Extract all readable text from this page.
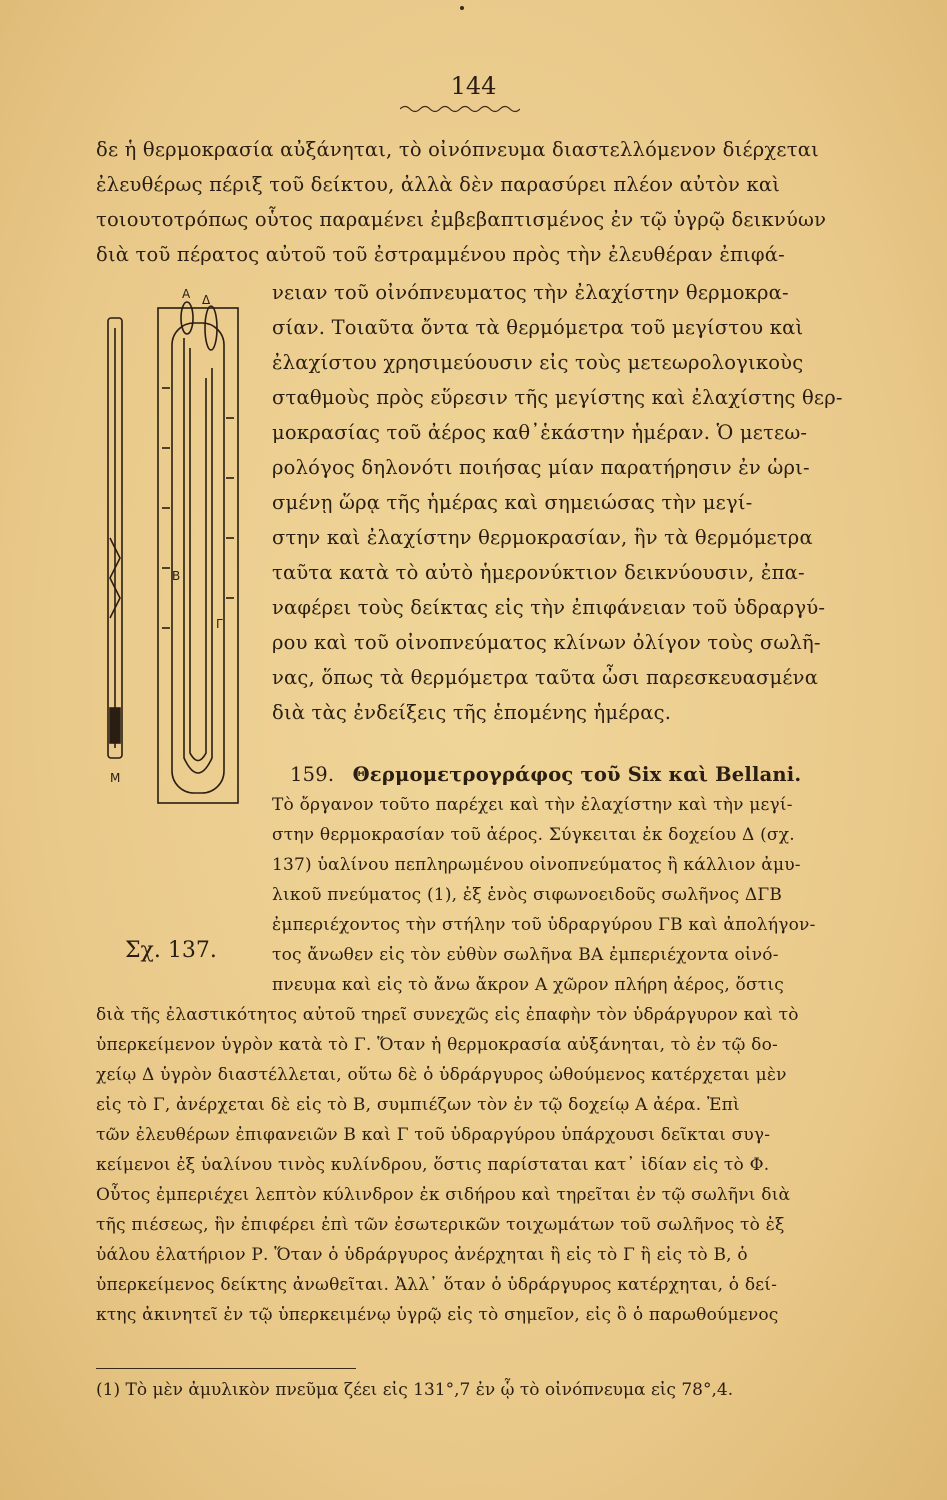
144
δε ἡ θερμοκρασία αὐξάνηται, τὸ οἰνόπνευμα διαστελλόμενον διέρχεται
ἐλευθέρως πέριξ τοῦ δείκτου, ἀλλὰ δὲν παρασύρει πλέον αὐτὸν καὶ
τοιουτοτρόπως οὗτος παραμένει ἐμβεβαπτισμένος ἐν τῷ ὑγρῷ δεικνύων
διὰ τοῦ πέρατος αὐτοῦ τοῦ ἐστραμμένου πρὸς τὴν ἐλευθέραν ἐπιφά-
νειαν τοῦ οἰνόπνευματος τὴν ἐλαχίστην θερμοκρα-
σίαν. Τοιαῦτα ὄντα τὰ θερμόμετρα τοῦ μεγίστου καὶ
ἐλαχίστου χρησιμεύουσιν εἰς τοὺς μετεωρολογικοὺς
σταθμοὺς πρὸς εὕρεσιν τῆς μεγίστης καὶ ἐλαχίστης θερ-
μοκρασίας τοῦ ἀέρος καθ᾿ἑκάστην ἡμέραν. Ὁ μετεω-
ρολόγος δηλονότι ποιήσας μίαν παρατήρησιν ἐν ὡρι-
σμένῃ ὥρᾳ τῆς ἡμέρας καὶ σημειώσας τὴν μεγί-
στην καὶ ἐλαχίστην θερμοκρασίαν, ἣν τὰ θερμόμετρα
ταῦτα κατὰ τὸ αὐτὸ ἡμερονύκτιον δεικνύουσιν, ἐπα-
ναφέρει τοὺς δείκτας εἰς τὴν ἐπιφάνειαν τοῦ ὑδραργύ-
ρου καὶ τοῦ οἰνοπνεύματος κλίνων ὀλίγον τοὺς σωλῆ-
νας, ὅπως τὰ θερμόμετρα ταῦτα ὦσι παρεσκευασμένα
διὰ τὰς ἐνδείξεις τῆς ἑπομένης ἡμέρας.
159. Θερμομετρογράφος τοῦ Six καὶ Bellani.
Τὸ ὄργανον τοῦτο παρέχει καὶ τὴν ἐλαχίστην καὶ τὴν μεγί-
στην θερμοκρασίαν τοῦ ἀέρος. Σύγκειται ἐκ δοχείου Δ (σχ.
137) ὑαλίνου πεπληρωμένου οἰνοπνεύματος ἢ κάλλιον ἀμυ-
λικοῦ πνεύματος (1), ἐξ ἑνὸς σιφωνοειδοῦς σωλῆνος ΔΓΒ
ἐμπεριέχοντος τὴν στήλην τοῦ ὑδραργύρου ΓΒ καὶ ἀπολήγον-
τος ἄνωθεν εἰς τὸν εὐθὺν σωλῆνα ΒΑ ἐμπεριέχοντα οἰνό-
πνευμα καὶ εἰς τὸ ἄνω ἄκρον Α χῶρον πλήρη ἀέρος, ὅστις
διὰ τῆς ἐλαστικότητος αὐτοῦ τηρεῖ συνεχῶς εἰς ἐπαφὴν τὸν ὑδράργυρον καὶ τὸ
ὑπερκείμενον ὑγρὸν κατὰ τὸ Γ. Ὅταν ἡ θερμοκρασία αὐξάνηται, τὸ ἐν τῷ δο-
χείῳ Δ ὑγρὸν διαστέλλεται, οὕτω δὲ ὁ ὑδράργυρος ὠθούμενος κατέρχεται μὲν
εἰς τὸ Γ, ἀνέρχεται δὲ εἰς τὸ Β, συμπιέζων τὸν ἐν τῷ δοχείῳ Α ἀέρα. Ἐπὶ
τῶν ἐλευθέρων ἐπιφανειῶν Β καὶ Γ τοῦ ὑδραργύρου ὑπάρχουσι δεῖκται συγ-
κείμενοι ἐξ ὑαλίνου τινὸς κυλίνδρου, ὅστις παρίσταται κατ᾿ ἰδίαν εἰς τὸ Φ.
Οὗτος ἐμπεριέχει λεπτὸν κύλινδρον ἐκ σιδήρου καὶ τηρεῖται ἐν τῷ σωλῆνι διὰ
τῆς πιέσεως, ἣν ἐπιφέρει ἐπὶ τῶν ἐσωτερικῶν τοιχωμάτων τοῦ σωλῆνος τὸ ἐξ
ὑάλου ἐλατήριον Ρ. Ὅταν ὁ ὑδράργυρος ἀνέρχηται ἢ εἰς τὸ Γ ἢ εἰς τὸ Β, ὁ
ὑπερκείμενος δείκτης ἀνωθεῖται. Ἀλλ᾿ ὅταν ὁ ὑδράργυρος κατέρχηται, ὁ δεί-
κτης ἀκινητεῖ ἐν τῷ ὑπερκειμένῳ ὑγρῷ εἰς τὸ σημεῖον, εἰς ὃ ὁ παρωθούμενος
Α Δ
Β
Γ
M
Σχ. 137.
(1) Τὸ μὲν ἀμυλικὸν πνεῦμα ζέει εἰς 131°,7 ἐν ᾧ τὸ οἰνόπνευμα εἰς 78°,4.
